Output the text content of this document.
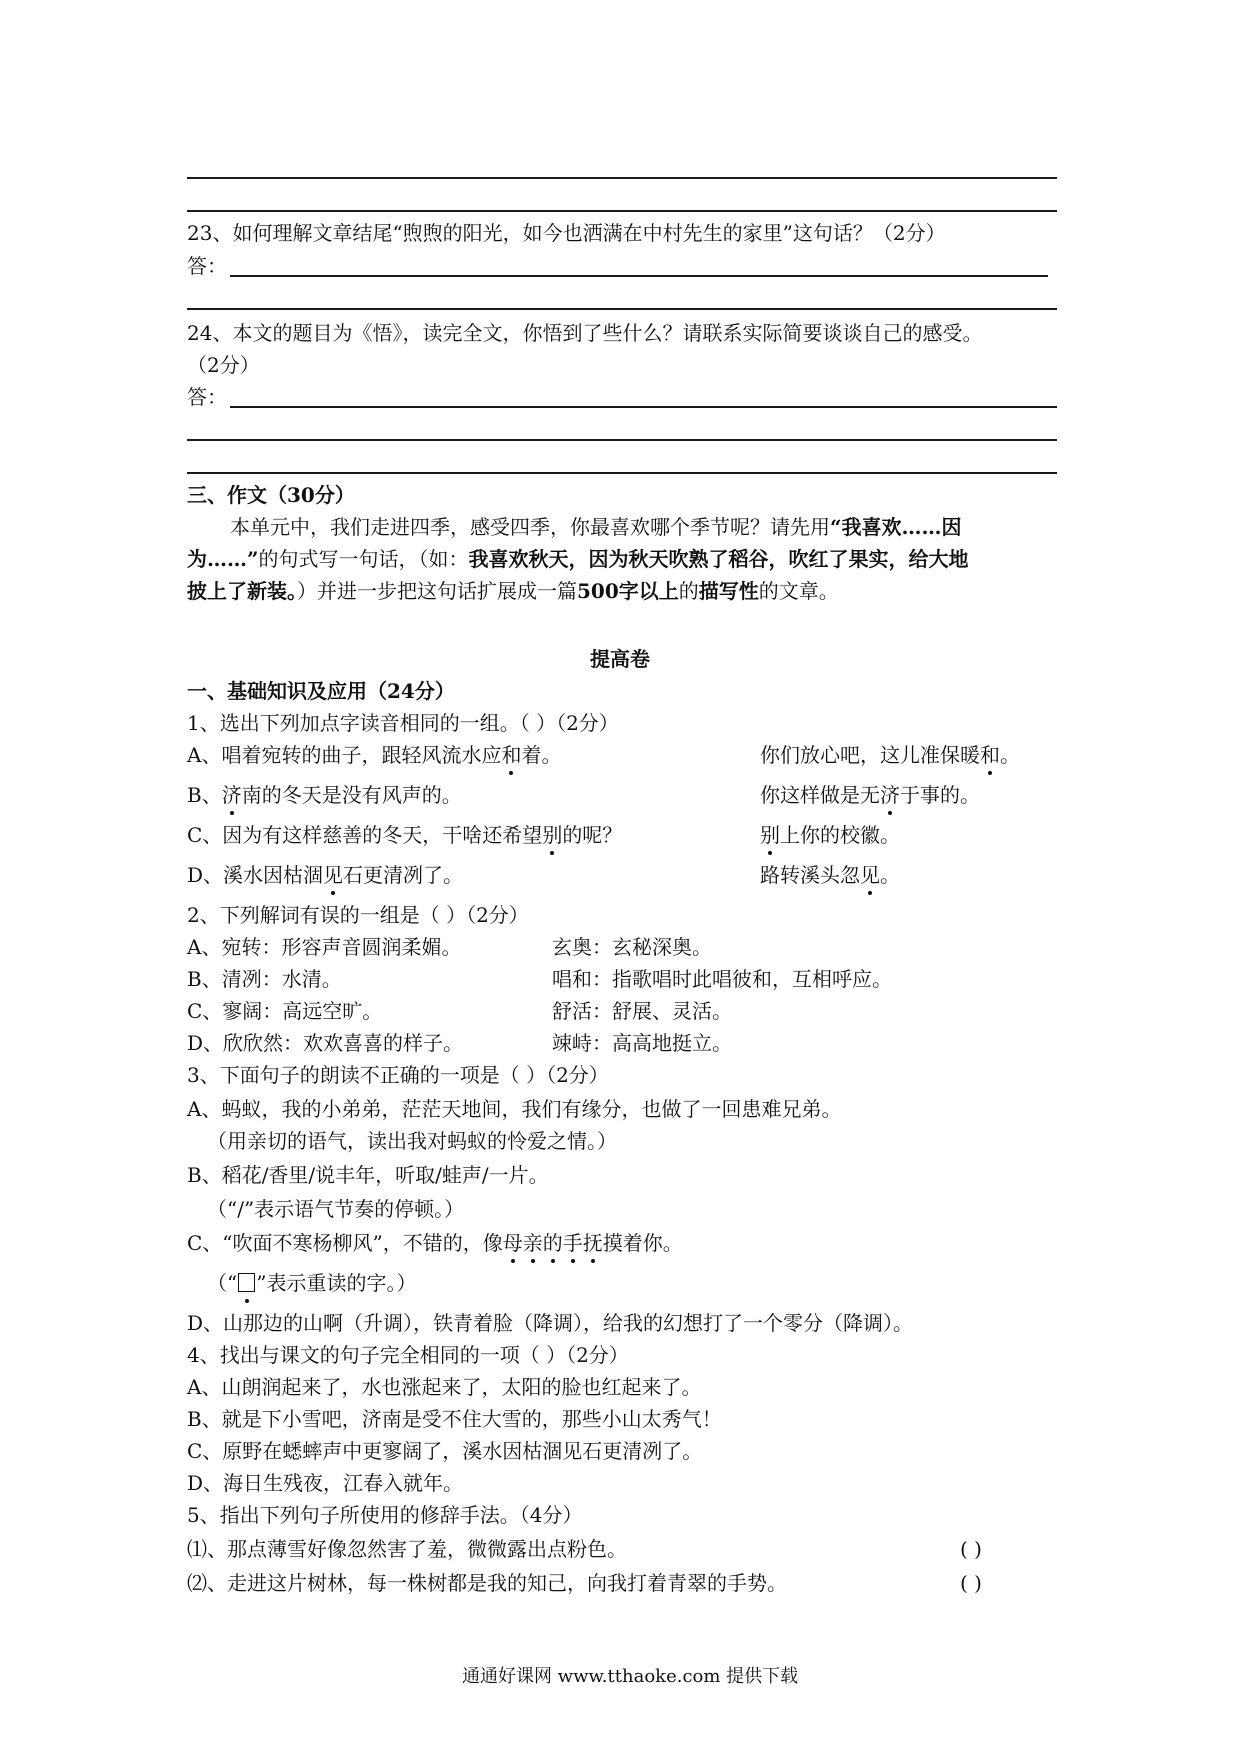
23、如何理解文章结尾“煦煦的阳光，如今也洒满在中村先生的家里”这句话？（2分）
答：
24、本文的题目为《悟》，读完全文，你悟到了些什么？请联系实际简要谈谈自己的感受。
（2分）
答：
三、作文（30分）
本单元中，我们走进四季，感受四季，你最喜欢哪个季节呢？请先用“我喜欢……因
为……”的句式写一句话，（如：我喜欢秋天，因为秋天吹熟了稻谷，吹红了果实，给大地
披上了新装。）并进一步把这句话扩展成一篇500字以上的描写性的文章。
提高卷
一、基础知识及应用（24分）
1、选出下列加点字读音相同的一组。（ ）（2分）
A、唱着宛转的曲子，跟轻风流水应和着。	你们放心吧，这儿准保暖和。
B、济南的冬天是没有风声的。	你这样做是无济于事的。
C、因为有这样慈善的冬天，干啥还希望别的呢？	别上你的校徽。
D、溪水因枯涸见石更清冽了。	路转溪头忽见。
2、下列解词有误的一组是（ ）（2分）
A、宛转：形容声音圆润柔媚。	玄奥：玄秘深奥。
B、清冽：水清。	唱和：指歌唱时此唱彼和，互相呼应。
C、寥阔：高远空旷。	舒活：舒展、灵活。
D、欣欣然：欢欢喜喜的样子。	竦峙：高高地挺立。
3、下面句子的朗读不正确的一项是（ ）（2分）
A、蚂蚁，我的小弟弟，茫茫天地间，我们有缘分，也做了一回患难兄弟。
（用亲切的语气，读出我对蚂蚁的怜爱之情。）
B、稻花/香里/说丰年，听取/蛙声/一片。
（“/”表示语气节奏的停顿。）
C、“吹面不寒杨柳风”，不错的，像母亲的手抚摸着你。
（“ ”表示重读的字。）
D、山那边的山啊（升调），铁青着脸（降调），给我的幻想打了一个零分（降调）。
4、找出与课文的句子完全相同的一项（ ）（2分）
A、山朗润起来了，水也涨起来了，太阳的脸也红起来了。
B、就是下小雪吧，济南是受不住大雪的，那些小山太秀气！
C、原野在蟋蟀声中更寥阔了，溪水因枯涸见石更清冽了。
D、海日生残夜，江春入就年。
5、指出下列句子所使用的修辞手法。（4分）
⑴、那点薄雪好像忽然害了羞，微微露出点粉色。	( )
⑵、走进这片树林，每一株树都是我的知己，向我打着青翠的手势。	( )
通通好课网 www.tthaoke.com 提供下载
